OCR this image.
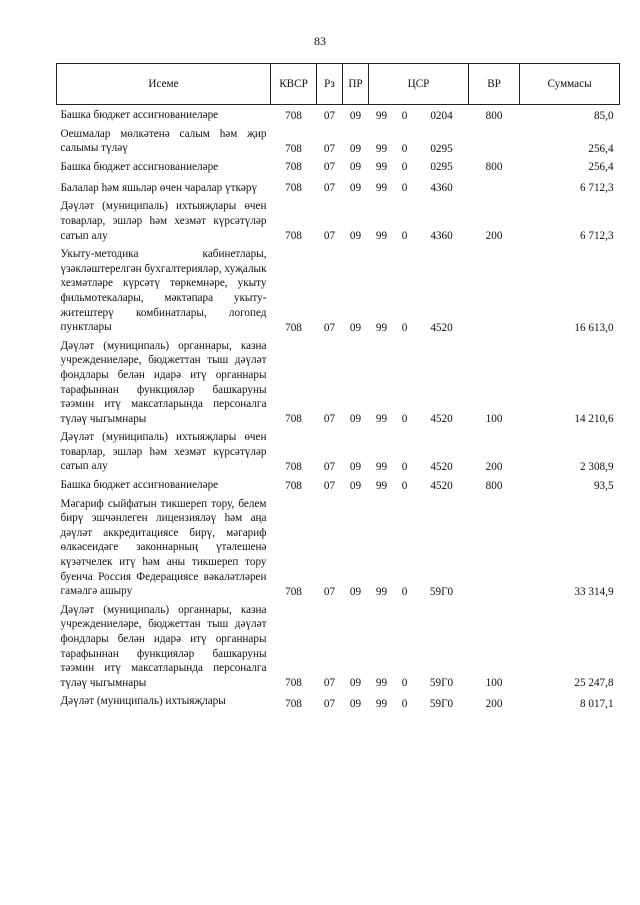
83
Исеме	КВСР	Рз	ПР	ЦСР			ВР	Суммасы
Башка бюджет ассигнованиеләре	708	07	09	99	0	0204	800	85,0
Оешмалар мөлкәтенә салым һәм җир салымы түләү	708	07	09	99	0	0295		256,4
Башка бюджет ассигнованиеләре	708	07	09	99	0	0295	800	256,4
Балалар һәм яшьләр өчен чаралар үткәрү	708	07	09	99	0	4360		6 712,3
Дәүләт (муниципаль) ихтыяҗлары өчен товарлар, эшләр һәм хезмәт күрсәтүләр сатып алу	708	07	09	99	0	4360	200	6 712,3
Укыту-методика кабинетлары, үзәкләштерелгән бухгалтерияләр, хуҗалык хезмәтләре күрсәтү төркемнәре, укыту фильмотекалары, мәктәпара укыту-житештерү комбинатлары, логопед пунктлары	708	07	09	99	0	4520		16 613,0
Дәүләт (муниципаль) органнары, казна учреждениеләре, бюджеттан тыш дәүләт фондлары белән идарә итү органнары тарафыннан функцияләр башкаруны тәэмин итү максатларында персоналга түләү чыгымнары	708	07	09	99	0	4520	100	14 210,6
Дәүләт (муниципаль) ихтыяҗлары өчен товарлар, эшләр һәм хезмәт күрсәтүләр сатып алу	708	07	09	99	0	4520	200	2 308,9
Башка бюджет ассигнованиеләре	708	07	09	99	0	4520	800	93,5
Мәгариф сыйфатын тикшереп тору, белем бирү эшчәнлеген лицензияләү һәм аңа дәүләт аккредитациясе бирү, мәгариф өлкәсеидәге законнарның үтәлешенә күзәтчелек итү һәм аны тикшереп тору буенча Россия Федерациясе вәкаләтләрен гамәлгә ашыру	708	07	09	99	0	59Г0		33 314,9
Дәүләт (муниципаль) органнары, казна учреждениеләре, бюджеттан тыш дәүләт фондлары белән идарә итү органнары тарафыннан функцияләр башкаруны тәэмин итү максатларында персоналга түләү чыгымнары	708	07	09	99	0	59Г0	100	25 247,8
Дәүләт (муниципаль) ихтыяҗлары	708	07	09	99	0	59Г0	200	8 017,1
